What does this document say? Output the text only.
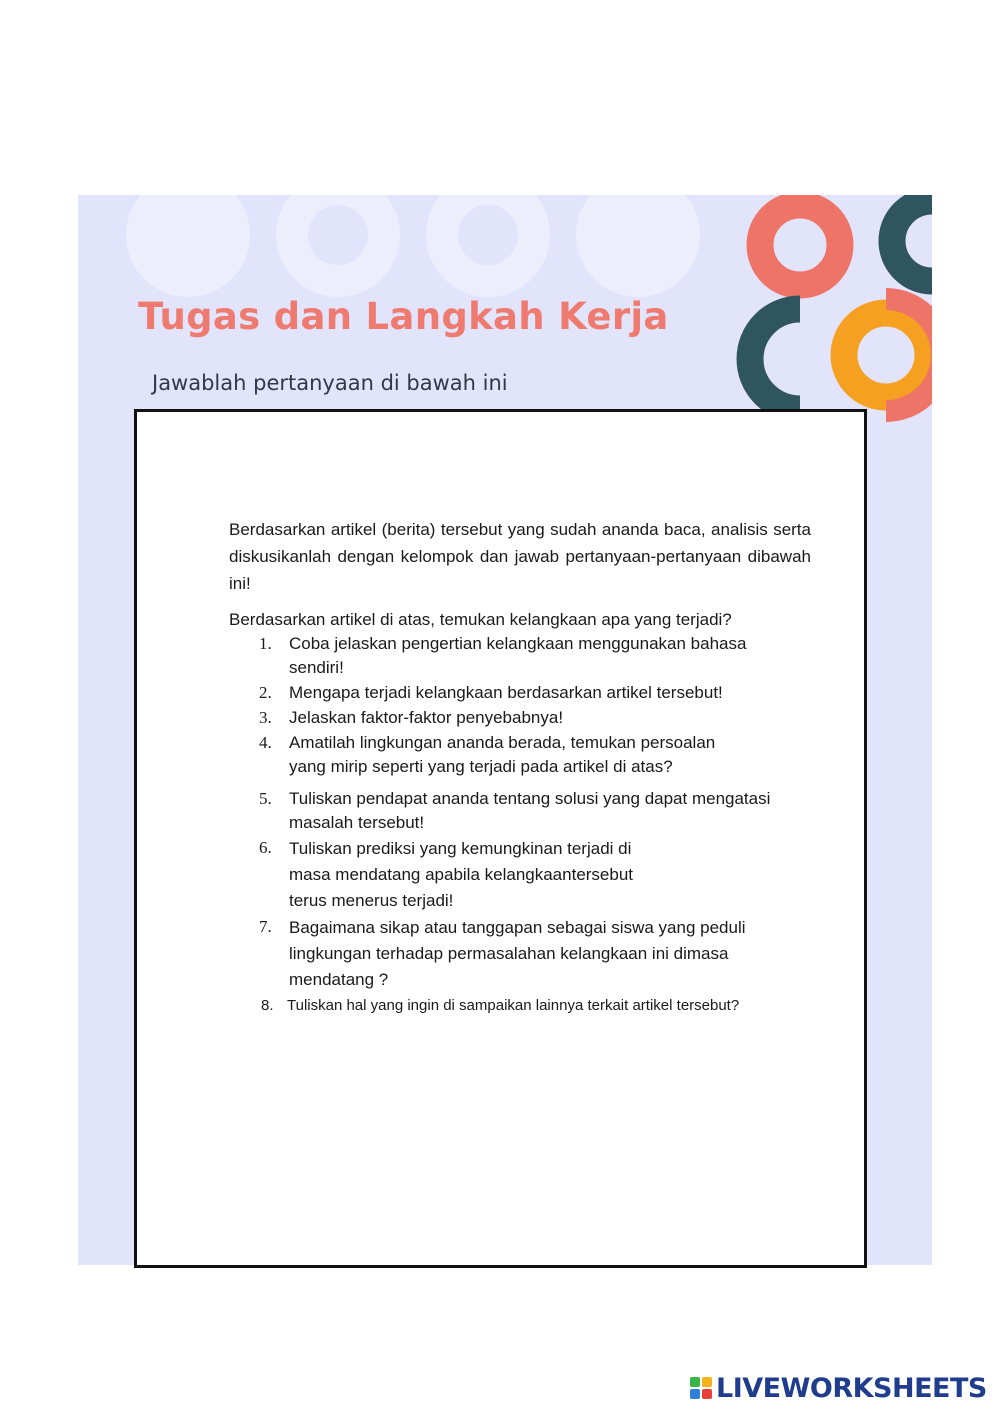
Tugas dan Langkah Kerja
Jawablah pertanyaan di bawah ini

Berdasarkan artikel (berita) tersebut yang sudah ananda baca, analisis serta diskusikanlah dengan kelompok dan jawab pertanyaan-pertanyaan dibawah ini!

Berdasarkan artikel di atas, temukan kelangkaan apa yang terjadi?

1. Coba jelaskan pengertian kelangkaan menggunakan bahasa sendiri!
2. Mengapa terjadi kelangkaan berdasarkan artikel tersebut!
3. Jelaskan faktor-faktor penyebabnya!
4. Amatilah lingkungan ananda berada, temukan persoalan yang mirip seperti yang terjadi pada artikel di atas?
5. Tuliskan pendapat ananda tentang solusi yang dapat mengatasi masalah tersebut!
6. Tuliskan prediksi yang kemungkinan terjadi di masa mendatang apabila kelangkaantersebut terus menerus terjadi!
7. Bagaimana sikap atau tanggapan sebagai siswa yang peduli lingkungan terhadap permasalahan kelangkaan ini dimasa mendatang ?
8. Tuliskan hal yang ingin di sampaikan lainnya terkait artikel tersebut?
LIVEWORKSHEETS
